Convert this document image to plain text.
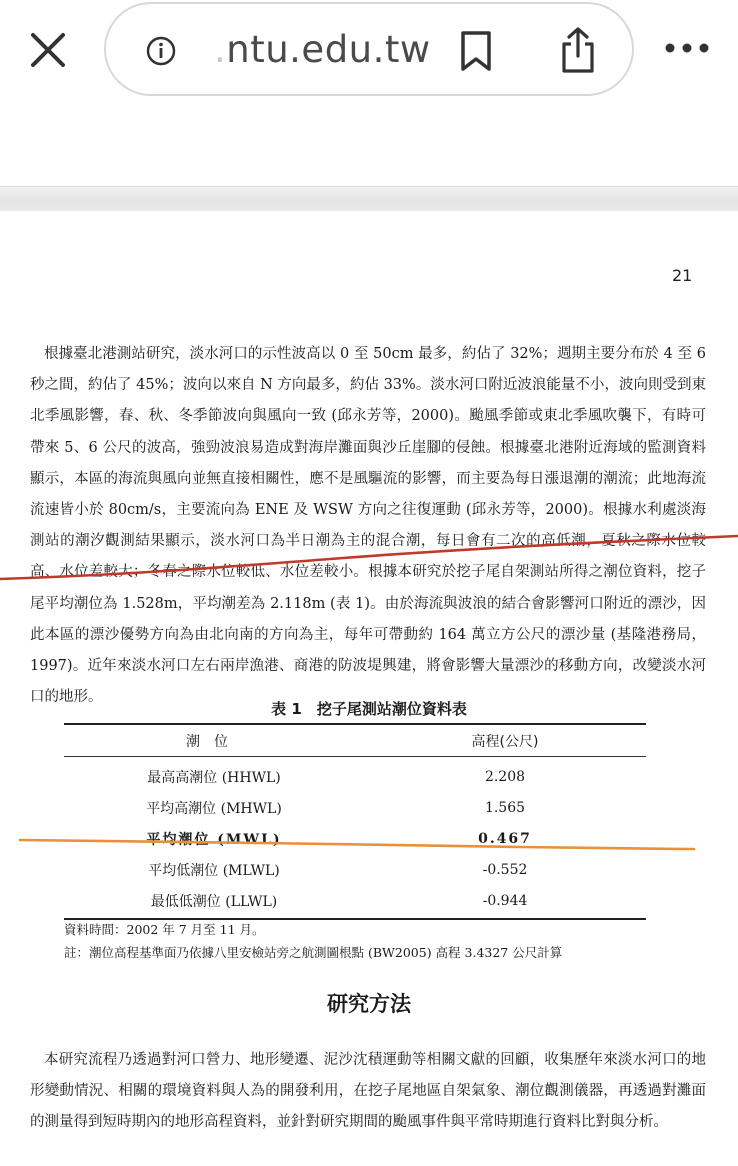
.ntu.edu.tw
21
根據臺北港測站研究，淡水河口的示性波高以 0 至 50cm 最多，約佔了 32%；週期主要分布於 4 至 6 秒之間，約佔了 45%；波向以來自 N 方向最多，約佔 33%。淡水河口附近波浪能量不小，波向則受到東北季風影響，春、秋、冬季節波向與風向一致 (邱永芳等，2000)。颱風季節或東北季風吹襲下，有時可帶來 5、6 公尺的波高，強勁波浪易造成對海岸灘面與沙丘崖腳的侵蝕。根據臺北港附近海域的監測資料顯示，本區的海流與風向並無直接相關性，應不是風驅流的影響，而主要為每日漲退潮的潮流；此地海流流速皆小於 80cm/s，主要流向為 ENE 及 WSW 方向之往復運動 (邱永芳等，2000)。根據水利處淡海測站的潮汐觀測結果顯示，淡水河口為半日潮為主的混合潮，每日會有二次的高低潮，夏秋之際水位較高、水位差較大；冬春之際水位較低、水位差較小。根據本研究於挖子尾自架測站所得之潮位資料，挖子尾平均潮位為 1.528m，平均潮差為 2.118m (表 1)。由於海流與波浪的結合會影響河口附近的漂沙，因此本區的漂沙優勢方向為由北向南的方向為主，每年可帶動約 164 萬立方公尺的漂沙量 (基隆港務局，1997)。近年來淡水河口左右兩岸漁港、商港的防波堤興建，將會影響大量漂沙的移動方向，改變淡水河口的地形。
表 1　挖子尾測站潮位資料表
潮位	高程(公尺)
最高高潮位 (HHWL)	2.208
平均高潮位 (MHWL)	1.565
平均潮位 (MWL)	0.467
平均低潮位 (MLWL)	-0.552
最低低潮位 (LLWL)	-0.944
資料時間：2002 年 7 月至 11 月。
註：潮位高程基準面乃依據八里安檢站旁之航測圖根點 (BW2005) 高程 3.4327 公尺計算
研究方法
本研究流程乃透過對河口營力、地形變遷、泥沙沈積運動等相關文獻的回顧，收集歷年來淡水河口的地形變動情況、相關的環境資料與人為的開發利用，在挖子尾地區自架氣象、潮位觀測儀器，再透過對灘面的測量得到短時期內的地形高程資料，並針對研究期間的颱風事件與平常時期進行資料比對與分析。
